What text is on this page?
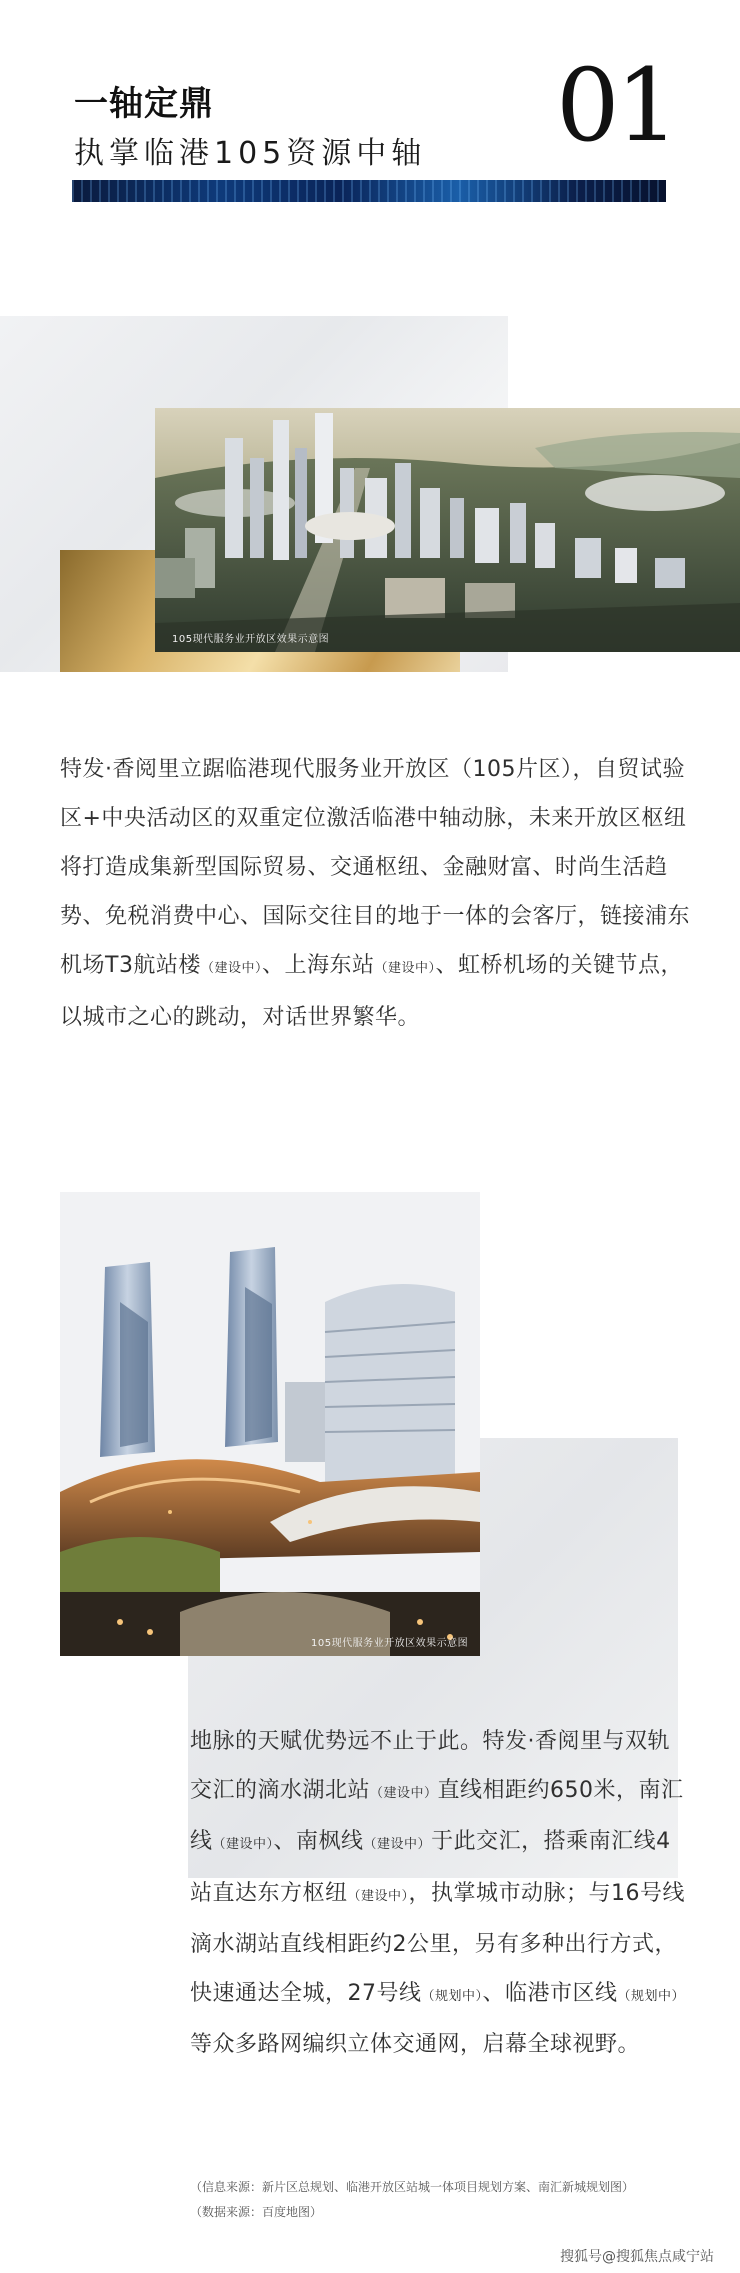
一轴定鼎
执掌临港105资源中轴 01
105现代服务业开放区效果示意图
特发·香阅里立踞临港现代服务业开放区（105片区），自贸试验区+中央活动区的双重定位激活临港中轴动脉，未来开放区枢纽将打造成集新型国际贸易、交通枢纽、金融财富、时尚生活趋势、免税消费中心、国际交往目的地于一体的会客厅，链接浦东机场T3航站楼（建设中）、上海东站（建设中）、虹桥机场的关键节点，以城市之心的跳动，对话世界繁华。
105现代服务业开放区效果示意图
地脉的天赋优势远不止于此。特发·香阅里与双轨交汇的滴水湖北站（建设中）直线相距约650米，南汇线（建设中）、南枫线（建设中）于此交汇，搭乘南汇线4站直达东方枢纽（建设中），执掌城市动脉；与16号线滴水湖站直线相距约2公里，另有多种出行方式，快速通达全城，27号线（规划中）、临港市区线（规划中）等众多路网编织立体交通网，启幕全球视野。
（信息来源：新片区总规划、临港开放区站城一体项目规划方案、南汇新城规划图）
（数据来源：百度地图）
搜狐号@搜狐焦点咸宁站
